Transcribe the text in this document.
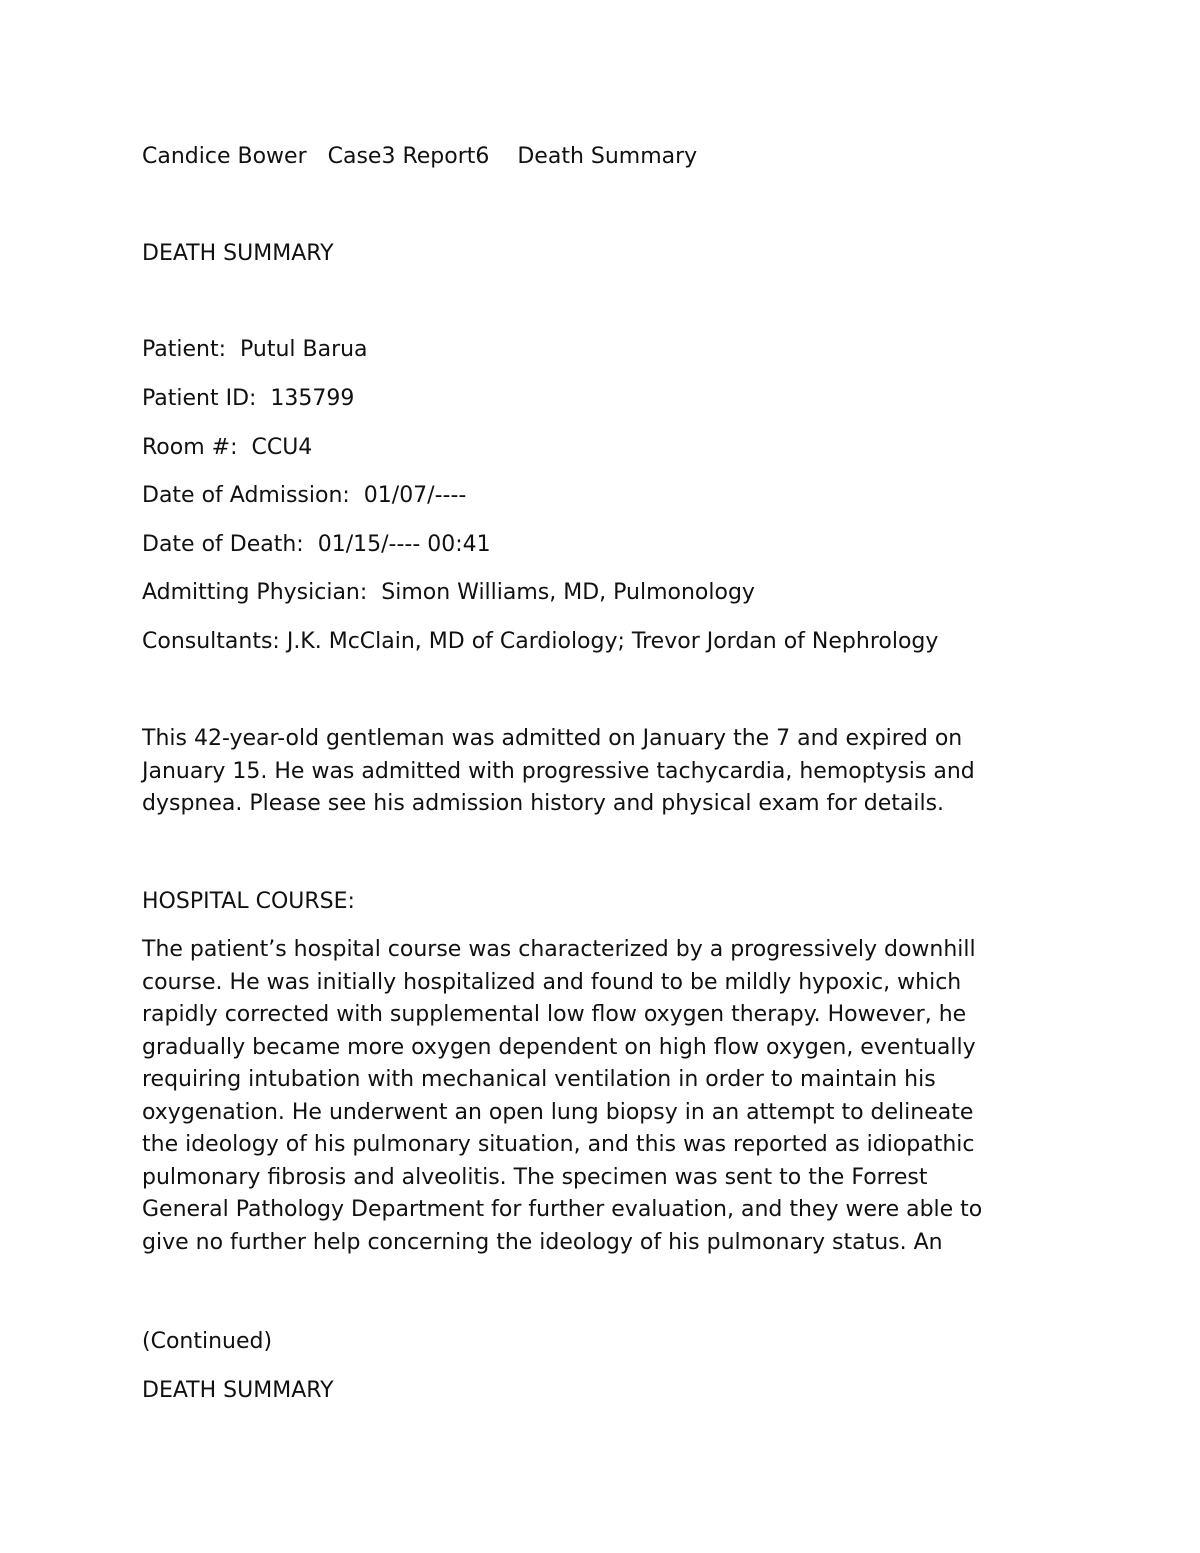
Candice Bower Case3 Report6 Death Summary
DEATH SUMMARY
Patient:  Putul Barua
Patient ID:  135799
Room #:  CCU4
Date of Admission:  01/07/----
Date of Death:  01/15/---- 00:41
Admitting Physician:  Simon Williams, MD, Pulmonology
Consultants: J.K. McClain, MD of Cardiology; Trevor Jordan of Nephrology
This 42-year-old gentleman was admitted on January the 7 and expired on
January 15. He was admitted with progressive tachycardia, hemoptysis and
dyspnea. Please see his admission history and physical exam for details.
HOSPITAL COURSE:
The patient’s hospital course was characterized by a progressively downhill
course. He was initially hospitalized and found to be mildly hypoxic, which
rapidly corrected with supplemental low flow oxygen therapy. However, he
gradually became more oxygen dependent on high flow oxygen, eventually
requiring intubation with mechanical ventilation in order to maintain his
oxygenation. He underwent an open lung biopsy in an attempt to delineate
the ideology of his pulmonary situation, and this was reported as idiopathic
pulmonary fibrosis and alveolitis. The specimen was sent to the Forrest
General Pathology Department for further evaluation, and they were able to
give no further help concerning the ideology of his pulmonary status. An
(Continued)
DEATH SUMMARY
